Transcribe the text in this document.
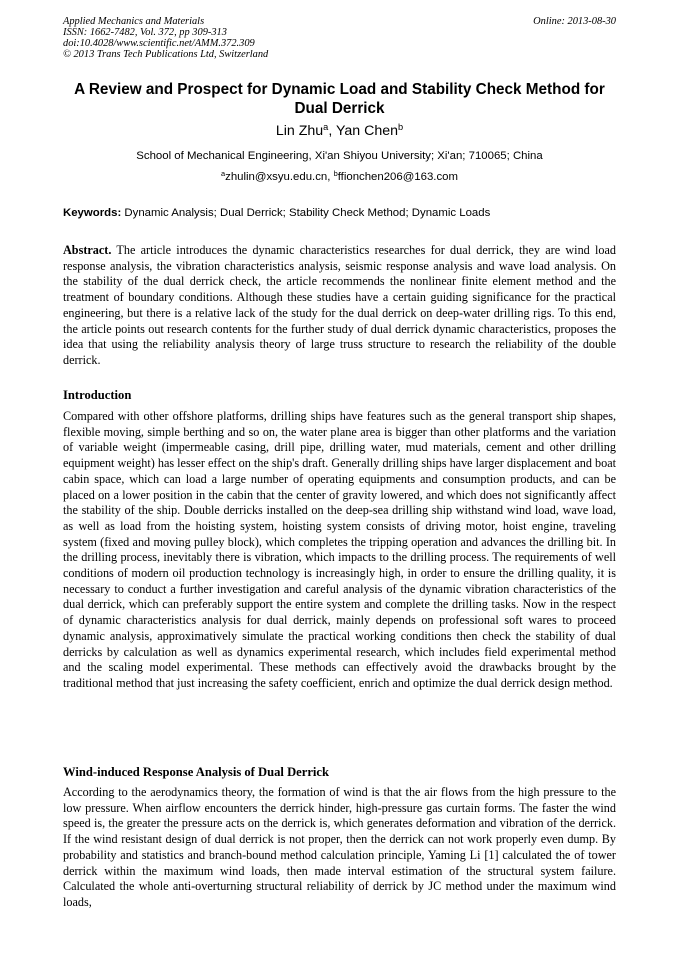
Applied Mechanics and Materials
ISSN: 1662-7482, Vol. 372, pp 309-313
doi:10.4028/www.scientific.net/AMM.372.309
© 2013 Trans Tech Publications Ltd, Switzerland
Online: 2013-08-30
A Review and Prospect for Dynamic Load and Stability Check Method for Dual Derrick
Lin Zhu$^a$, Yan Chen$^b$
School of Mechanical Engineering, Xi'an Shiyou University; Xi'an; 710065; China
$^a$zhulin@xsyu.edu.cn, $^b$ffionchen206@163.com
Keywords: Dynamic Analysis; Dual Derrick; Stability Check Method; Dynamic Loads
Abstract. The article introduces the dynamic characteristics researches for dual derrick, they are wind load response analysis, the vibration characteristics analysis, seismic response analysis and wave load analysis. On the stability of the dual derrick check, the article recommends the nonlinear finite element method and the treatment of boundary conditions. Although these studies have a certain guiding significance for the practical engineering, but there is a relative lack of the study for the dual derrick on deep-water drilling rigs. To this end, the article points out research contents for the further study of dual derrick dynamic characteristics, proposes the idea that using the reliability analysis theory of large truss structure to research the reliability of the double derrick.
Introduction
Compared with other offshore platforms, drilling ships have features such as the general transport ship shapes, flexible moving, simple berthing and so on, the water plane area is bigger than other platforms and the variation of variable weight (impermeable casing, drill pipe, drilling water, mud materials, cement and other drilling equipment weight) has lesser effect on the ship's draft. Generally drilling ships have larger displacement and boat cabin space, which can load a large number of operating equipments and consumption products, and can be placed on a lower position in the cabin that the center of gravity lowered, and which does not significantly affect the stability of the ship. Double derricks installed on the deep-sea drilling ship withstand wind load, wave load, as well as load from the hoisting system, hoisting system consists of driving motor, hoist engine, traveling system (fixed and moving pulley block), which completes the tripping operation and advances the drilling bit. In the drilling process, inevitably there is vibration, which impacts to the drilling process. The requirements of well conditions of modern oil production technology is increasingly high, in order to ensure the drilling quality, it is necessary to conduct a further investigation and careful analysis of the dynamic vibration characteristics of the dual derrick, which can preferably support the entire system and complete the drilling tasks. Now in the respect of dynamic characteristics analysis for dual derrick, mainly depends on professional soft wares to proceed dynamic analysis, approximatively simulate the practical working conditions then check the stability of dual derricks by calculation as well as dynamics experimental research, which includes field experimental method and the scaling model experimental. These methods can effectively avoid the drawbacks brought by the traditional method that just increasing the safety coefficient, enrich and optimize the dual derrick design method.
Wind-induced Response Analysis of Dual Derrick
According to the aerodynamics theory, the formation of wind is that the air flows from the high pressure to the low pressure. When airflow encounters the derrick hinder, high-pressure gas curtain forms. The faster the wind speed is, the greater the pressure acts on the derrick is, which generates deformation and vibration of the derrick. If the wind resistant design of dual derrick is not proper, then the derrick can not work properly even dump. By probability and statistics and branch-bound method calculation principle, Yaming Li [1] calculated the of tower derrick within the maximum wind loads, then made interval estimation of the structural system failure. Calculated the whole anti-overturning structural reliability of derrick by JC method under the maximum wind loads,
